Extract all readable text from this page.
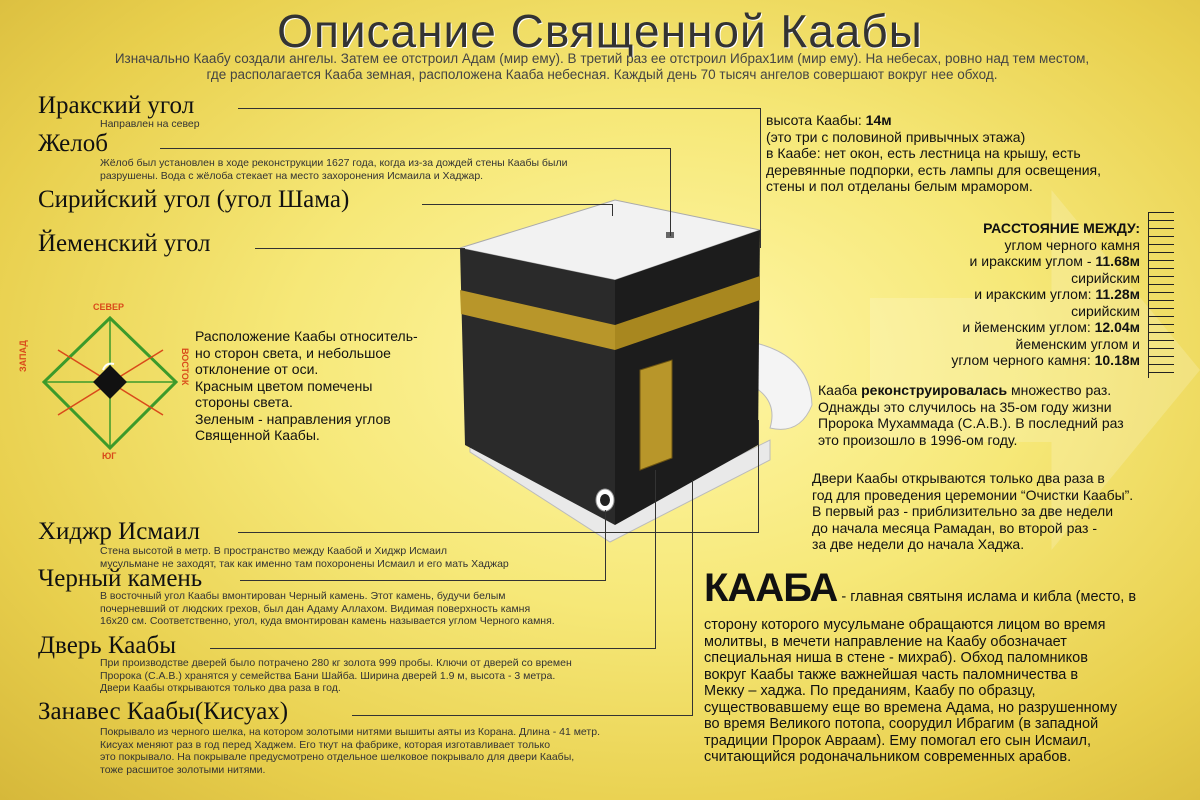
Описание Священной Каабы
Изначально Каабу создали ангелы. Затем ее отстроил Адам (мир ему). В третий раз ее отстроил Ибрах1им (мир ему). На небесах, ровно над тем местом,
где располагается Кааба земная, расположена Кааба небесная. Каждый день 70 тысяч ангелов совершают вокруг нее обход.
Иракский угол
Направлен на север
Желоб
Жёлоб был установлен в ходе реконструкции 1627 года, когда из-за дождей стены Каабы были
разрушены. Вода с жёлоба стекает на место захоронения Исмаила и Хаджар.
Сирийский угол (угол Шама)
Йеменский угол
СЕВЕР
ЮГ
ЗАПАД	ВОСТОК
Расположение Каабы относитель-
но сторон света, и небольшое
отклонение от оси.
Красным цветом помечены
стороны света.
Зеленым - направления углов
Священной Каабы.
Хиджр Исмаил
Стена высотой в метр. В пространство между Каабой и Хиджр Исмаил
мусульмане не заходят, так как именно там похоронены Исмаил и его мать Хаджар
Черный камень
В восточный угол Каабы вмонтирован Черный камень. Этот камень, будучи белым
почерневший от людских грехов, был дан Адаму Аллахом. Видимая поверхность камня
16x20 см. Соответственно, угол, куда вмонтирован камень называется углом Черного камня.
Дверь Каабы
При производстве дверей было потрачено 280 кг золота 999 пробы. Ключи от дверей со времен
Пророка (С.А.В.) хранятся у семейства Бани Шайба. Ширина дверей 1.9 м, высота - 3 метра.
Двери Каабы открываются только два раза в год.
Занавес Каабы(Кисуах)
Покрывало из черного шелка, на котором золотыми нитями вышиты аяты из Корана. Длина - 41 метр.
Кисуах меняют раз в год перед Хаджем. Его ткут на фабрике, которая изготавливает только
это покрывало. На покрывале предусмотрено отдельное шелковое покрывало для двери Каабы,
тоже расшитое золотыми нитями.
высота Каабы: 14м
(это три с половиной привычных этажа)
в Каабе: нет окон, есть лестница на крышу, есть
деревянные подпорки, есть лампы для освещения,
стены и пол отделаны белым мрамором.
РАССТОЯНИЕ МЕЖДУ:
углом черного камня
и иракским углом - 11.68м
сирийским
и иракским углом: 11.28м
сирийским
и йеменским углом: 12.04м
йеменским углом и
углом черного камня: 10.18м
Кааба реконструировалась множество раз.
Однажды это случилось на 35-ом году жизни
Пророка Мухаммада (С.А.В.). В последний раз
это произошло в 1996-ом году.
Двери Каабы открываются только два раза в
год для проведения церемонии “Очистки Каабы”.
В первый раз - приблизительно за две недели
до начала месяца Рамадан, во второй раз -
за две недели до начала Хаджа.
КААБА - главная святыня ислама и кибла (место, в
сторону которого мусульмане обращаются лицом во время
молитвы, в мечети направление на Каабу обозначает
специальная ниша в стене - михраб). Обход паломников
вокруг Каабы также важнейшая часть паломничества в
Мекку – хаджа. По преданиям, Каабу по образцу,
существовавшему еще во времена Адама, но разрушенному
во время Великого потопа, соорудил Ибрагим (в западной
традиции Пророк Авраам). Ему помогал его сын Исмаил,
считающийся родоначальником современных арабов.
